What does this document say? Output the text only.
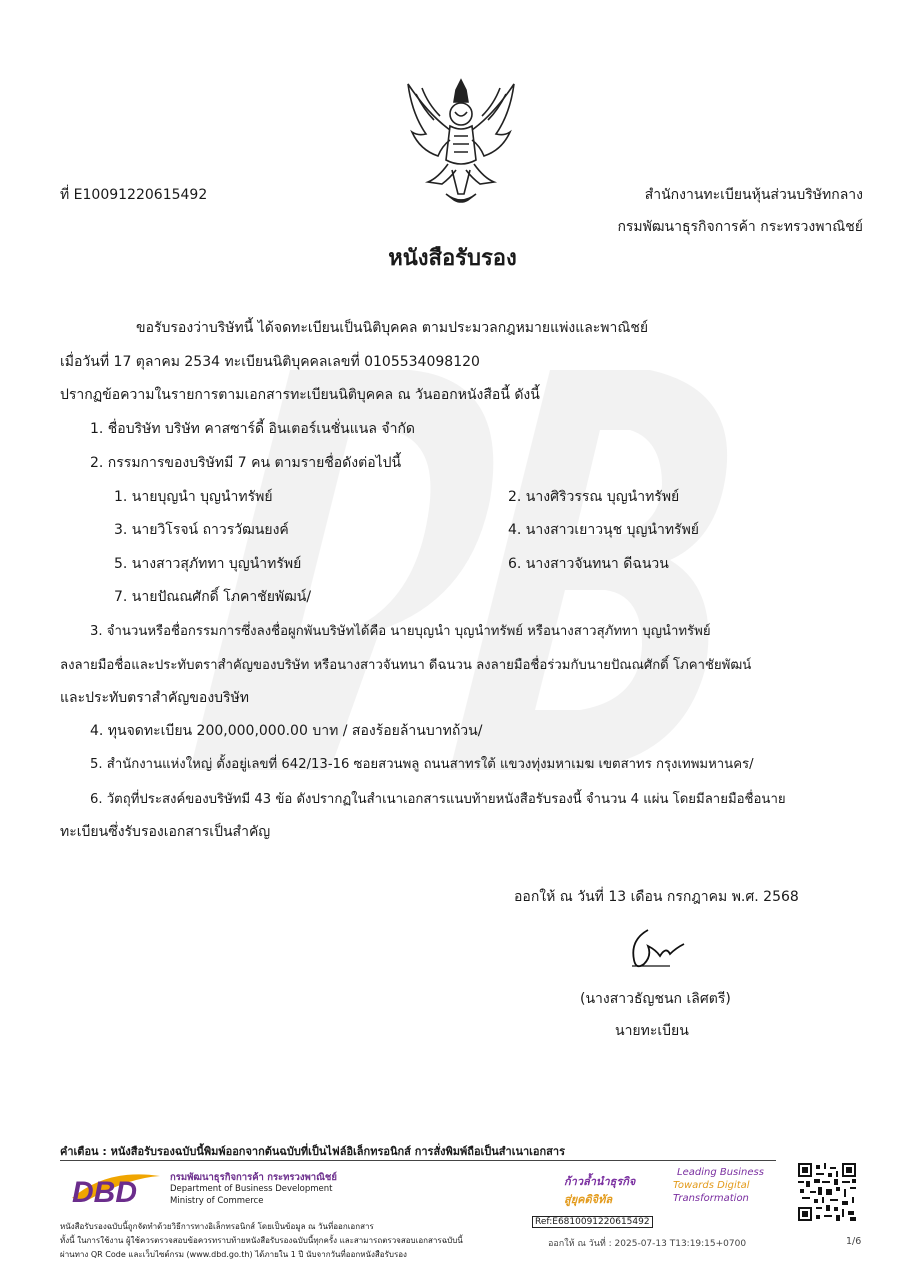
ที่ E10091220615492	สำนักงานทะเบียนหุ้นส่วนบริษัทกลาง
กรมพัฒนาธุรกิจการค้า กระทรวงพาณิชย์
หนังสือรับรอง
ขอรับรองว่าบริษัทนี้ ได้จดทะเบียนเป็นนิติบุคคล ตามประมวลกฎหมายแพ่งและพาณิชย์
เมื่อวันที่ 17 ตุลาคม 2534 ทะเบียนนิติบุคคลเลขที่ 0105534098120
ปรากฏข้อความในรายการตามเอกสารทะเบียนนิติบุคคล ณ วันออกหนังสือนี้ ดังนี้
1. ชื่อบริษัท บริษัท คาสซาร์ดี้ อินเตอร์เนชั่นแนล จำกัด
2. กรรมการของบริษัทมี 7 คน ตามรายชื่อดังต่อไปนี้
1. นายบุญนำ บุญนำทรัพย์	2. นางศิริวรรณ บุญนำทรัพย์
3. นายวิโรจน์ ถาวรวัฒนยงค์	4. นางสาวเยาวนุช บุญนำทรัพย์
5. นางสาวสุภัททา บุญนำทรัพย์	6. นางสาวจันทนา ดีฉนวน
7. นายปัณณศักดิ์ โภคาชัยพัฒน์/
3. จำนวนหรือชื่อกรรมการซึ่งลงชื่อผูกพันบริษัทได้คือ นายบุญนำ บุญนำทรัพย์ หรือนางสาวสุภัททา บุญนำทรัพย์
ลงลายมือชื่อและประทับตราสำคัญของบริษัท หรือนางสาวจันทนา ดีฉนวน ลงลายมือชื่อร่วมกับนายปัณณศักดิ์ โภคาชัยพัฒน์
และประทับตราสำคัญของบริษัท
4. ทุนจดทะเบียน 200,000,000.00 บาท / สองร้อยล้านบาทถ้วน/
5. สำนักงานแห่งใหญ่ ตั้งอยู่เลขที่ 642/13-16 ซอยสวนพลู ถนนสาทรใต้ แขวงทุ่งมหาเมฆ เขตสาทร กรุงเทพมหานคร/
6. วัตถุที่ประสงค์ของบริษัทมี 43 ข้อ ดังปรากฏในสำเนาเอกสารแนบท้ายหนังสือรับรองนี้ จำนวน 4 แผ่น โดยมีลายมือชื่อนาย
ทะเบียนซึ่งรับรองเอกสารเป็นสำคัญ
ออกให้ ณ วันที่ 13 เดือน กรกฎาคม พ.ศ. 2568
(นางสาวธัญชนก เลิศตรี)
นายทะเบียน
คำเตือน : หนังสือรับรองฉบับนี้พิมพ์ออกจากต้นฉบับที่เป็นไฟล์อิเล็กทรอนิกส์ การสั่งพิมพ์ถือเป็นสำเนาเอกสาร
DBD	กรมพัฒนาธุรกิจการค้า กระทรวงพาณิชย์
Department of Business Development
Ministry of Commerce
ก้าวล้ำนำธุรกิจ
สู่ยุคดิจิทัล
Leading Business
Towards Digital
Transformation
หนังสือรับรองฉบับนี้ถูกจัดทำด้วยวิธีการทางอิเล็กทรอนิกส์ โดยเป็นข้อมูล ณ วันที่ออกเอกสาร
ทั้งนี้ ในการใช้งาน ผู้ใช้ควรตรวจสอบข้อควรทราบท้ายหนังสือรับรองฉบับนี้ทุกครั้ง และสามารถตรวจสอบเอกสารฉบับนี้
ผ่านทาง QR Code และเว็บไซต์กรม (www.dbd.go.th) ได้ภายใน 1 ปี นับจากวันที่ออกหนังสือรับรอง
Ref:E6810091220615492
ออกให้ ณ วันที่ : 2025-07-13 T13:19:15+0700	1/6
